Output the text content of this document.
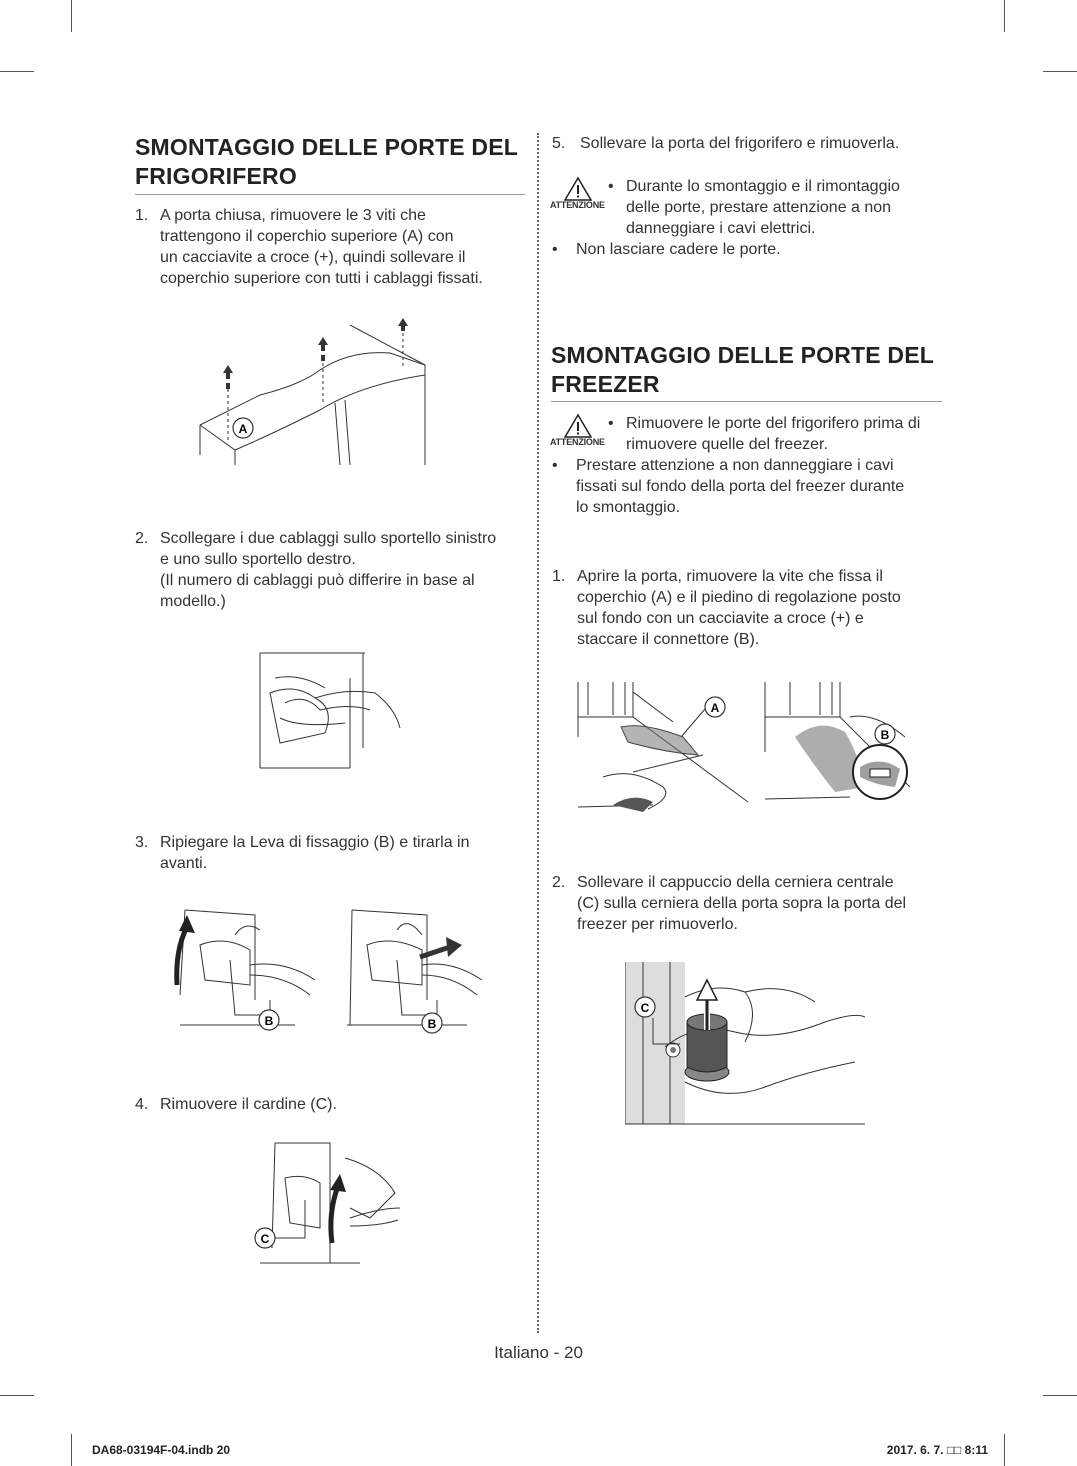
SMONTAGGIO DELLE PORTE DEL
FRIGORIFERO
1. A porta chiusa, rimuovere le 3 viti che
trattengono il coperchio superiore (A) con
un cacciavite a croce (+), quindi sollevare il
coperchio superiore con tutti i cablaggi fissati.
A
2. Scollegare i due cablaggi sullo sportello sinistro
e uno sullo sportello destro.
(Il numero di cablaggi può differire in base al
modello.)
3. Ripiegare la Leva di fissaggio (B) e tirarla in
avanti.
B	B
4. Rimuovere il cardine (C).
C
5. Sollevare la porta del frigorifero e rimuoverla.
ATTENZIONE
• Durante lo smontaggio e il rimontaggio
delle porte, prestare attenzione a non
danneggiare i cavi elettrici.
• Non lasciare cadere le porte.
SMONTAGGIO DELLE PORTE DEL
FREEZER
ATTENZIONE
• Rimuovere le porte del frigorifero prima di
rimuovere quelle del freezer.
• Prestare attenzione a non danneggiare i cavi
fissati sul fondo della porta del freezer durante
lo smontaggio.
1. Aprire la porta, rimuovere la vite che fissa il
coperchio (A) e il piedino di regolazione posto
sul fondo con un cacciavite a croce (+) e
staccare il connettore (B).
A
B
2. Sollevare il cappuccio della cerniera centrale
(C) sulla cerniera della porta sopra la porta del
freezer per rimuoverlo.
C
Italiano - 20
DA68-03194F-04.indb 20	2017. 6. 7. □□ 8:11
